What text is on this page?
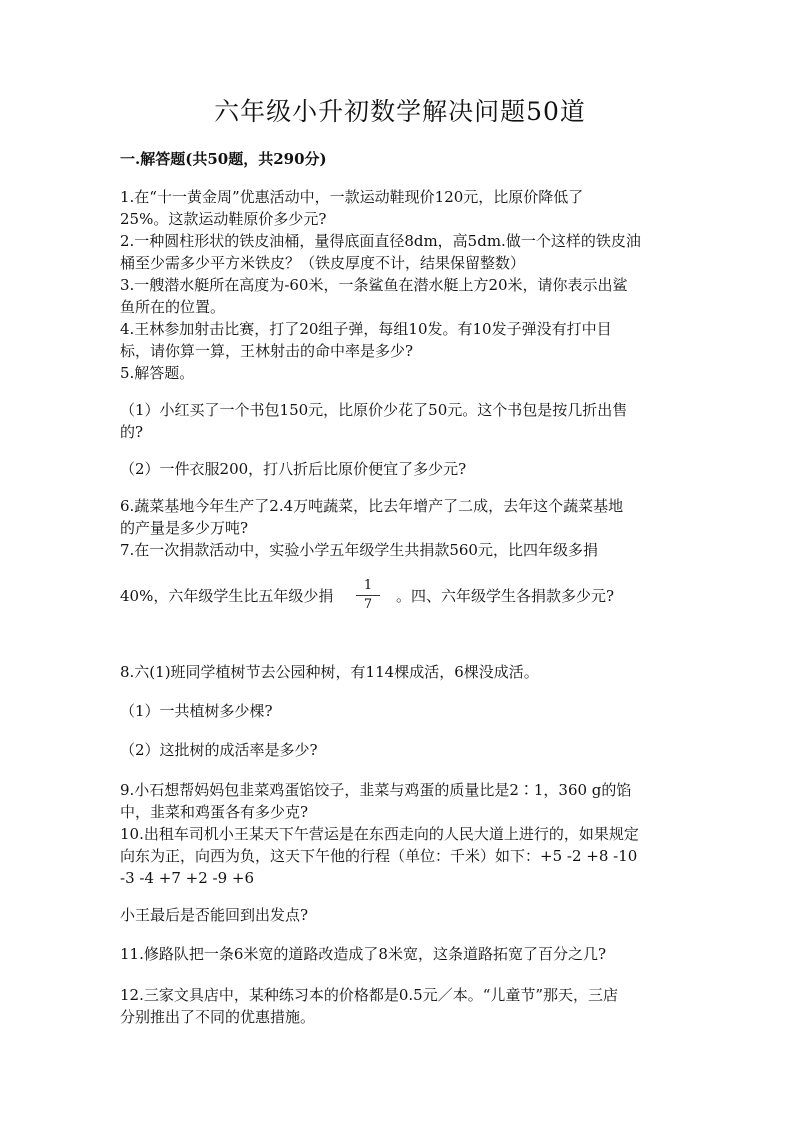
六年级小升初数学解决问题50道
一.解答题(共50题，共290分)
1.在“十一黄金周”优惠活动中，一款运动鞋现价120元，比原价降低了
25%。这款运动鞋原价多少元?
2.一种圆柱形状的铁皮油桶，量得底面直径8dm，高5dm.做一个这样的铁皮油
桶至少需多少平方米铁皮？（铁皮厚度不计，结果保留整数）
3.一艘潜水艇所在高度为-60米，一条鲨鱼在潜水艇上方20米，请你表示出鲨
鱼所在的位置。
4.王林参加射击比赛，打了20组子弹，每组10发。有10发子弹没有打中目
标，请你算一算，王林射击的命中率是多少?
5.解答题。
（1）小红买了一个书包150元，比原价少花了50元。这个书包是按几折出售
的?
（2）一件衣服200，打八折后比原价便宜了多少元?
6.蔬菜基地今年生产了2.4万吨蔬菜，比去年增产了二成，去年这个蔬菜基地
的产量是多少万吨?
7.在一次捐款活动中，实验小学五年级学生共捐款560元，比四年级多捐
40%，六年级学生比五年级少捐	$\frac{1}{7}$ 。四、六年级学生各捐款多少元?
8.六(1)班同学植树节去公园种树，有114棵成活，6棵没成活。
（1）一共植树多少棵?
（2）这批树的成活率是多少?
9.小石想帮妈妈包韭菜鸡蛋馅饺子，韭菜与鸡蛋的质量比是2∶1，360 g的馅
中，韭菜和鸡蛋各有多少克?
10.出租车司机小王某天下午营运是在东西走向的人民大道上进行的，如果规定
向东为正，向西为负，这天下午他的行程（单位：千米）如下：+5 -2 +8 -10
-3 -4 +7 +2 -9 +6
小王最后是否能回到出发点?
11.修路队把一条6米宽的道路改造成了8米宽，这条道路拓宽了百分之几?
12.三家文具店中，某种练习本的价格都是0.5元／本。“儿童节”那天，三店
分别推出了不同的优惠措施。
